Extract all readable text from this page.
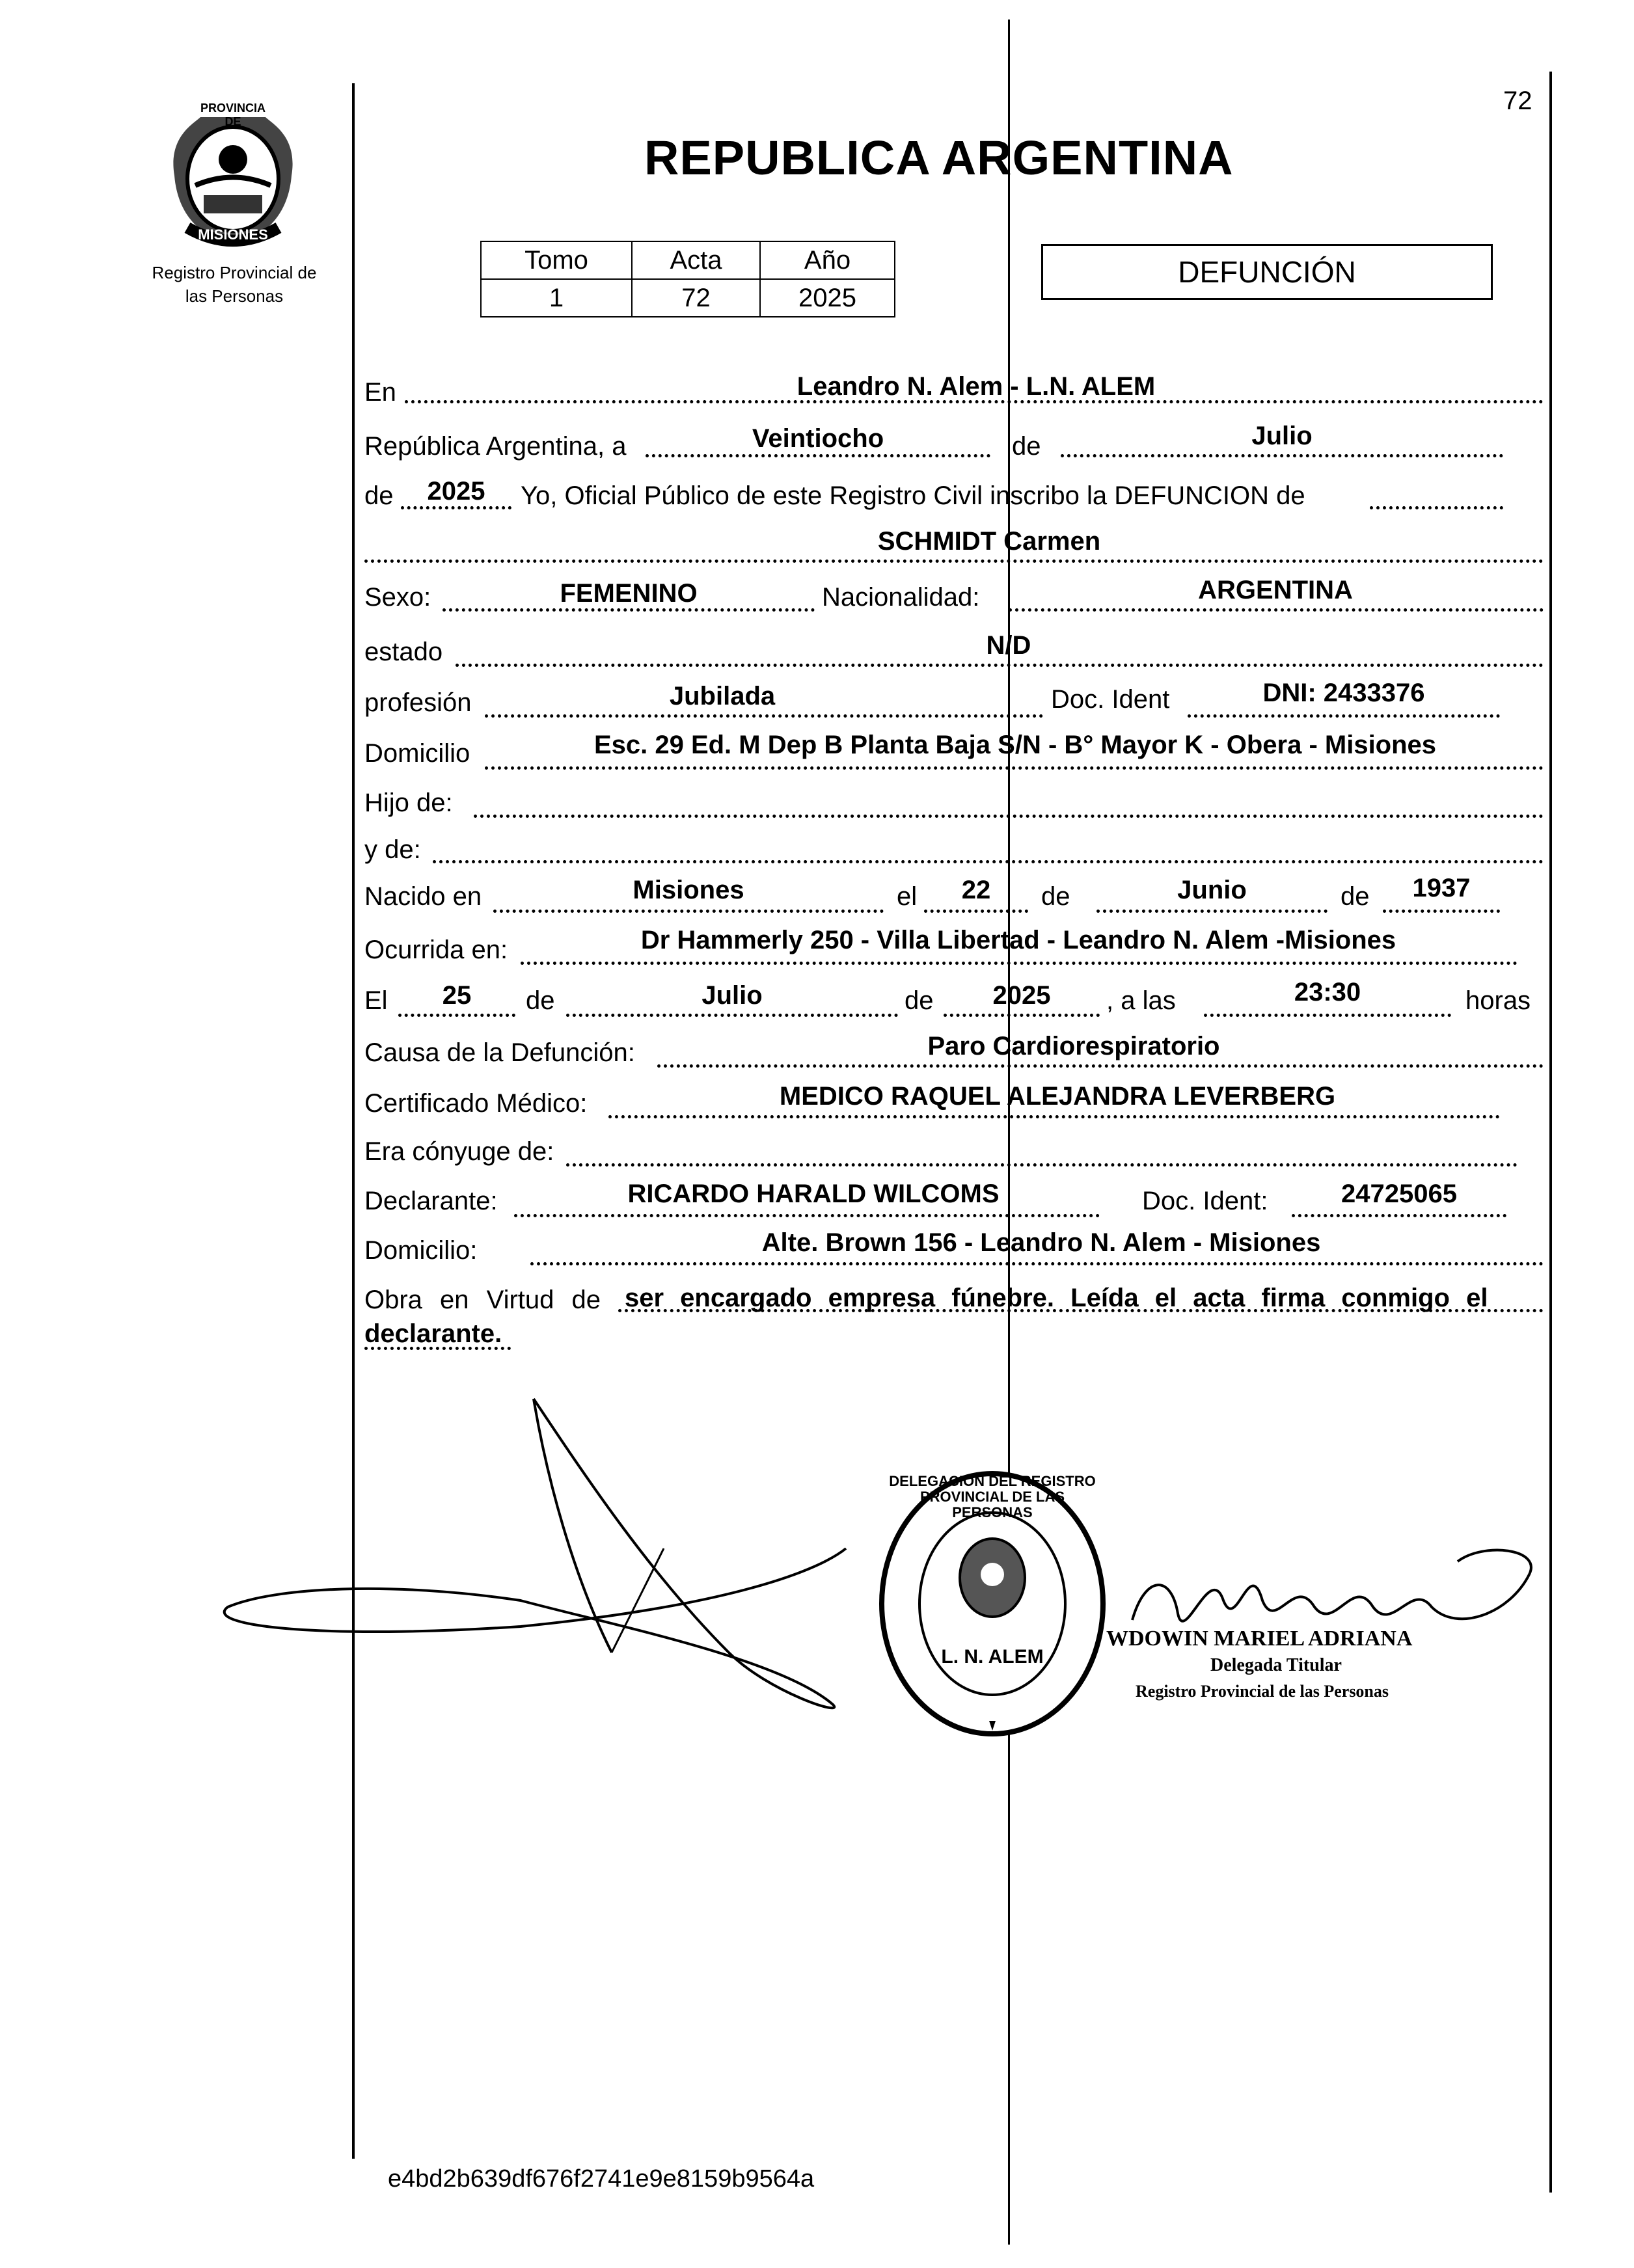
72
PROVINCIA DE
MISIONES
Registro Provincial de
las Personas
REPUBLICA ARGENTINA
Tomo	Acta	Año
1	72	2025
DEFUNCIÓN
En	Leandro N. Alem - L.N. ALEM
República Argentina, a	Veintiocho	de	Julio
de	2025	Yo, Oficial Público de este Registro Civil inscribo la DEFUNCION de
SCHMIDT Carmen
Sexo:	FEMENINO	Nacionalidad:	ARGENTINA
estado	N/D
profesión	Jubilada	Doc. Ident	DNI: 2433376
Domicilio	Esc. 29 Ed. M Dep B Planta Baja S/N - B° Mayor K - Obera - Misiones
Hijo de:
y de:
Nacido en	Misiones	el	22	de	Junio	de	1937
Ocurrida en:	Dr Hammerly 250 - Villa Libertad - Leandro N. Alem -Misiones
El	25	de	Julio	de	2025	, a las	23:30	horas
Causa de la Defunción:	Paro Cardiorespiratorio
Certificado Médico:	MEDICO RAQUEL ALEJANDRA LEVERBERG
Era cónyuge de:
Declarante:	RICARDO HARALD WILCOMS	Doc. Ident:	24725065
Domicilio:	Alte. Brown 156 - Leandro N. Alem - Misiones
Obra en Virtud de ser encargado empresa fúnebre. Leída el acta firma conmigo el
declarante.
DELEGACION DEL REGISTRO PROVINCIAL DE LAS PERSONAS
L. N. ALEM
WDOWIN MARIEL ADRIANA
Delegada Titular
Registro Provincial de las Personas
e4bd2b639df676f2741e9e8159b9564a
